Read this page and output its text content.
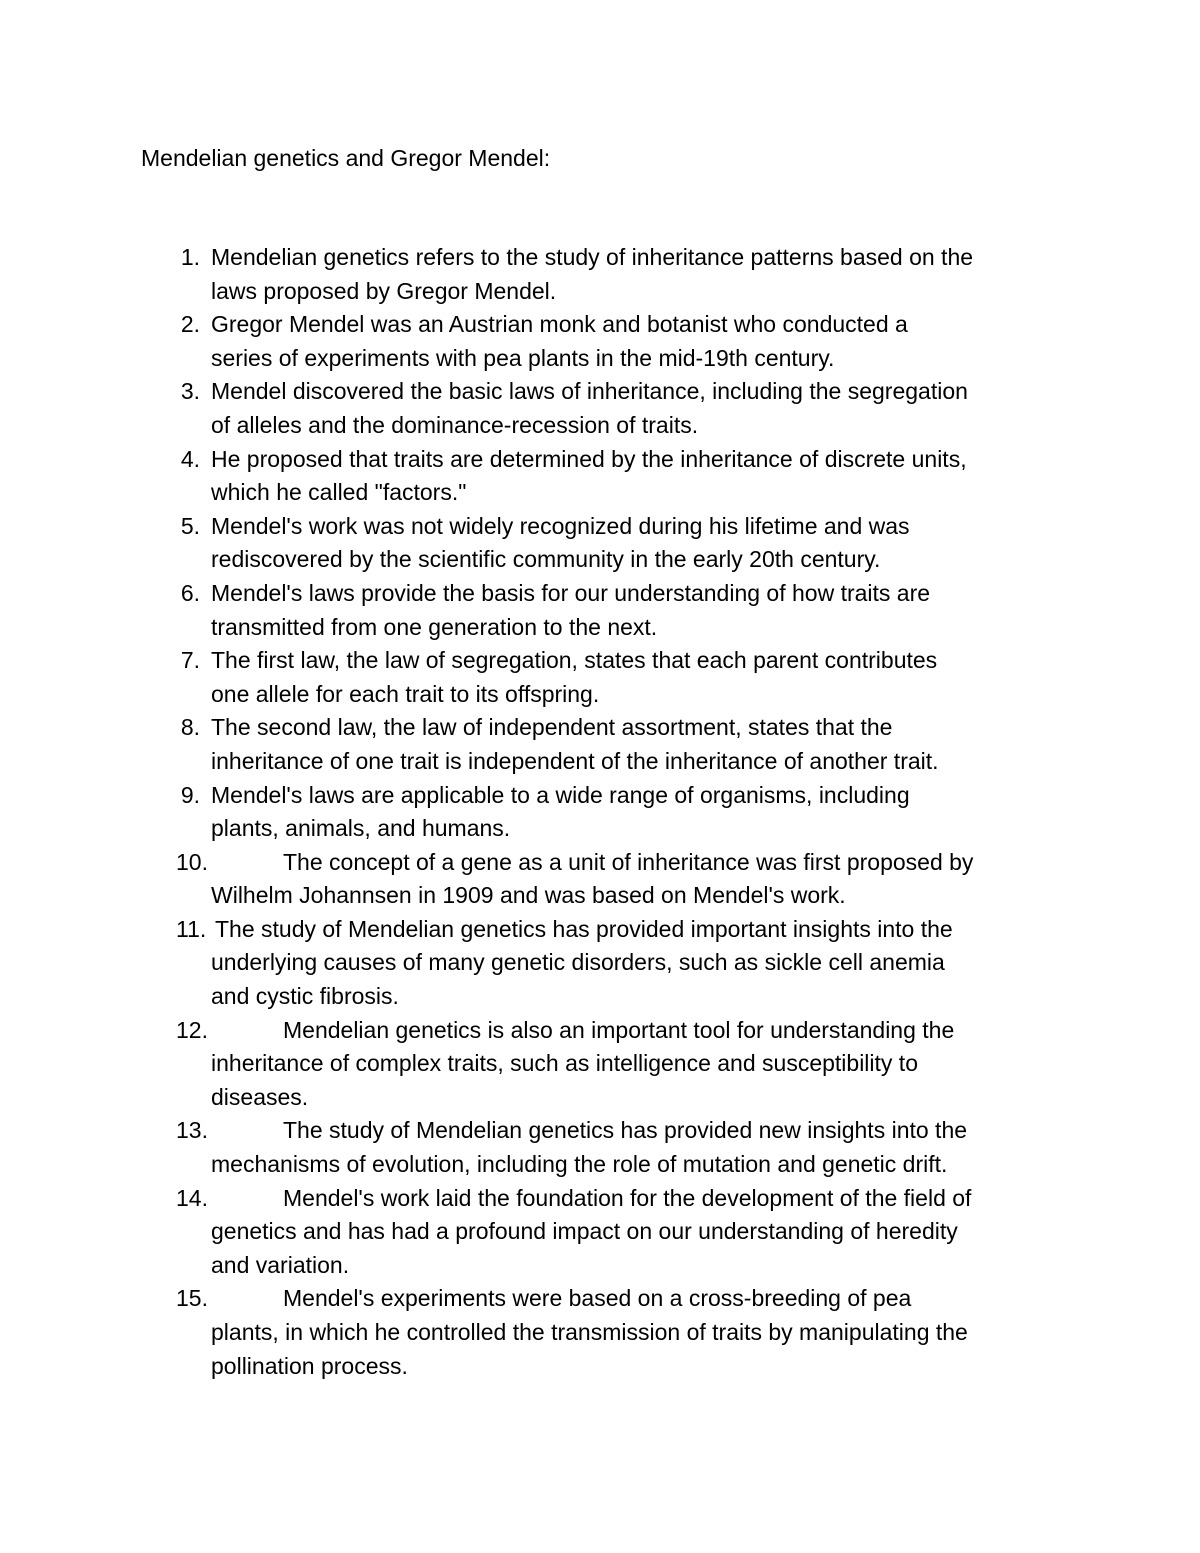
Mendelian genetics and Gregor Mendel:
1. Mendelian genetics refers to the study of inheritance patterns based on the
laws proposed by Gregor Mendel.
2. Gregor Mendel was an Austrian monk and botanist who conducted a
series of experiments with pea plants in the mid-19th century.
3. Mendel discovered the basic laws of inheritance, including the segregation
of alleles and the dominance-recession of traits.
4. He proposed that traits are determined by the inheritance of discrete units,
which he called "factors."
5. Mendel's work was not widely recognized during his lifetime and was
rediscovered by the scientific community in the early 20th century.
6. Mendel's laws provide the basis for our understanding of how traits are
transmitted from one generation to the next.
7. The first law, the law of segregation, states that each parent contributes
one allele for each trait to its offspring.
8. The second law, the law of independent assortment, states that the
inheritance of one trait is independent of the inheritance of another trait.
9. Mendel's laws are applicable to a wide range of organisms, including
plants, animals, and humans.
10.	The concept of a gene as a unit of inheritance was first proposed by
Wilhelm Johannsen in 1909 and was based on Mendel's work.
11. The study of Mendelian genetics has provided important insights into the
underlying causes of many genetic disorders, such as sickle cell anemia
and cystic fibrosis.
12.	Mendelian genetics is also an important tool for understanding the
inheritance of complex traits, such as intelligence and susceptibility to
diseases.
13.	The study of Mendelian genetics has provided new insights into the
mechanisms of evolution, including the role of mutation and genetic drift.
14.	Mendel's work laid the foundation for the development of the field of
genetics and has had a profound impact on our understanding of heredity
and variation.
15.	Mendel's experiments were based on a cross-breeding of pea
plants, in which he controlled the transmission of traits by manipulating the
pollination process.
